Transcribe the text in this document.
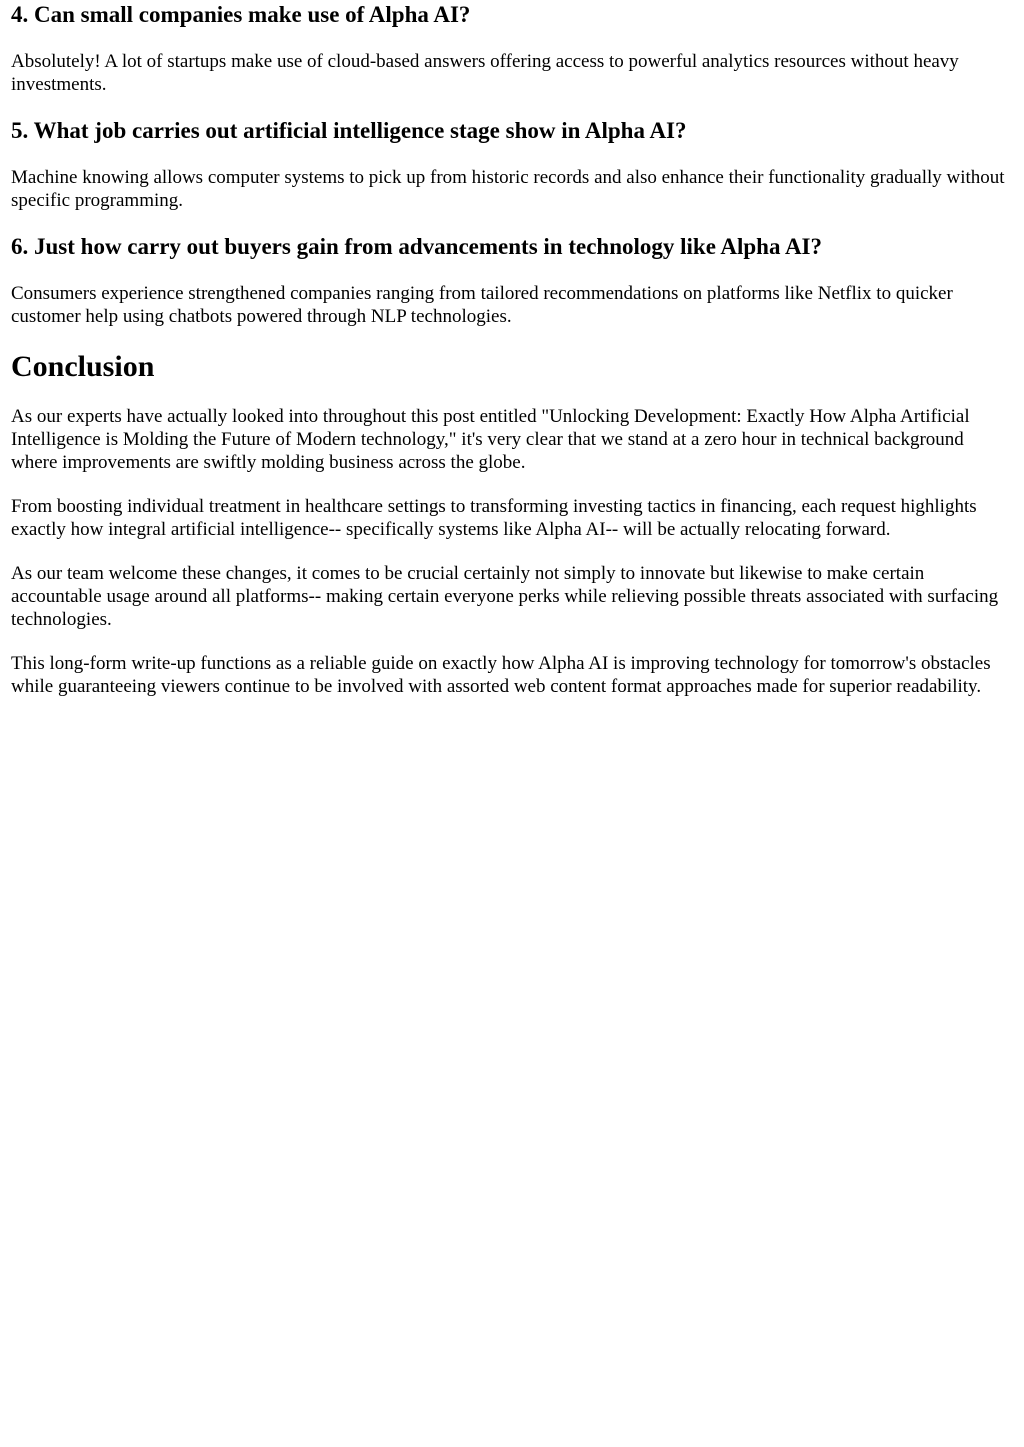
4. Can small companies make use of Alpha AI?

Absolutely! A lot of startups make use of cloud-based answers offering access to powerful analytics resources without heavy investments.

5. What job carries out artificial intelligence stage show in Alpha AI?

Machine knowing allows computer systems to pick up from historic records and also enhance their functionality gradually without specific programming.

6. Just how carry out buyers gain from advancements in technology like Alpha AI?

Consumers experience strengthened companies ranging from tailored recommendations on platforms like Netflix to quicker customer help using chatbots powered through NLP technologies.

Conclusion

As our experts have actually looked into throughout this post entitled "Unlocking Development: Exactly How Alpha Artificial Intelligence is Molding the Future of Modern technology," it's very clear that we stand at a zero hour in technical background where improvements are swiftly molding business across the globe.

From boosting individual treatment in healthcare settings to transforming investing tactics in financing, each request highlights exactly how integral artificial intelligence-- specifically systems like Alpha AI-- will be actually relocating forward.

As our team welcome these changes, it comes to be crucial certainly not simply to innovate but likewise to make certain accountable usage around all platforms-- making certain everyone perks while relieving possible threats associated with surfacing technologies.

This long-form write-up functions as a reliable guide on exactly how Alpha AI is improving technology for tomorrow's obstacles while guaranteeing viewers continue to be involved with assorted web content format approaches made for superior readability.
